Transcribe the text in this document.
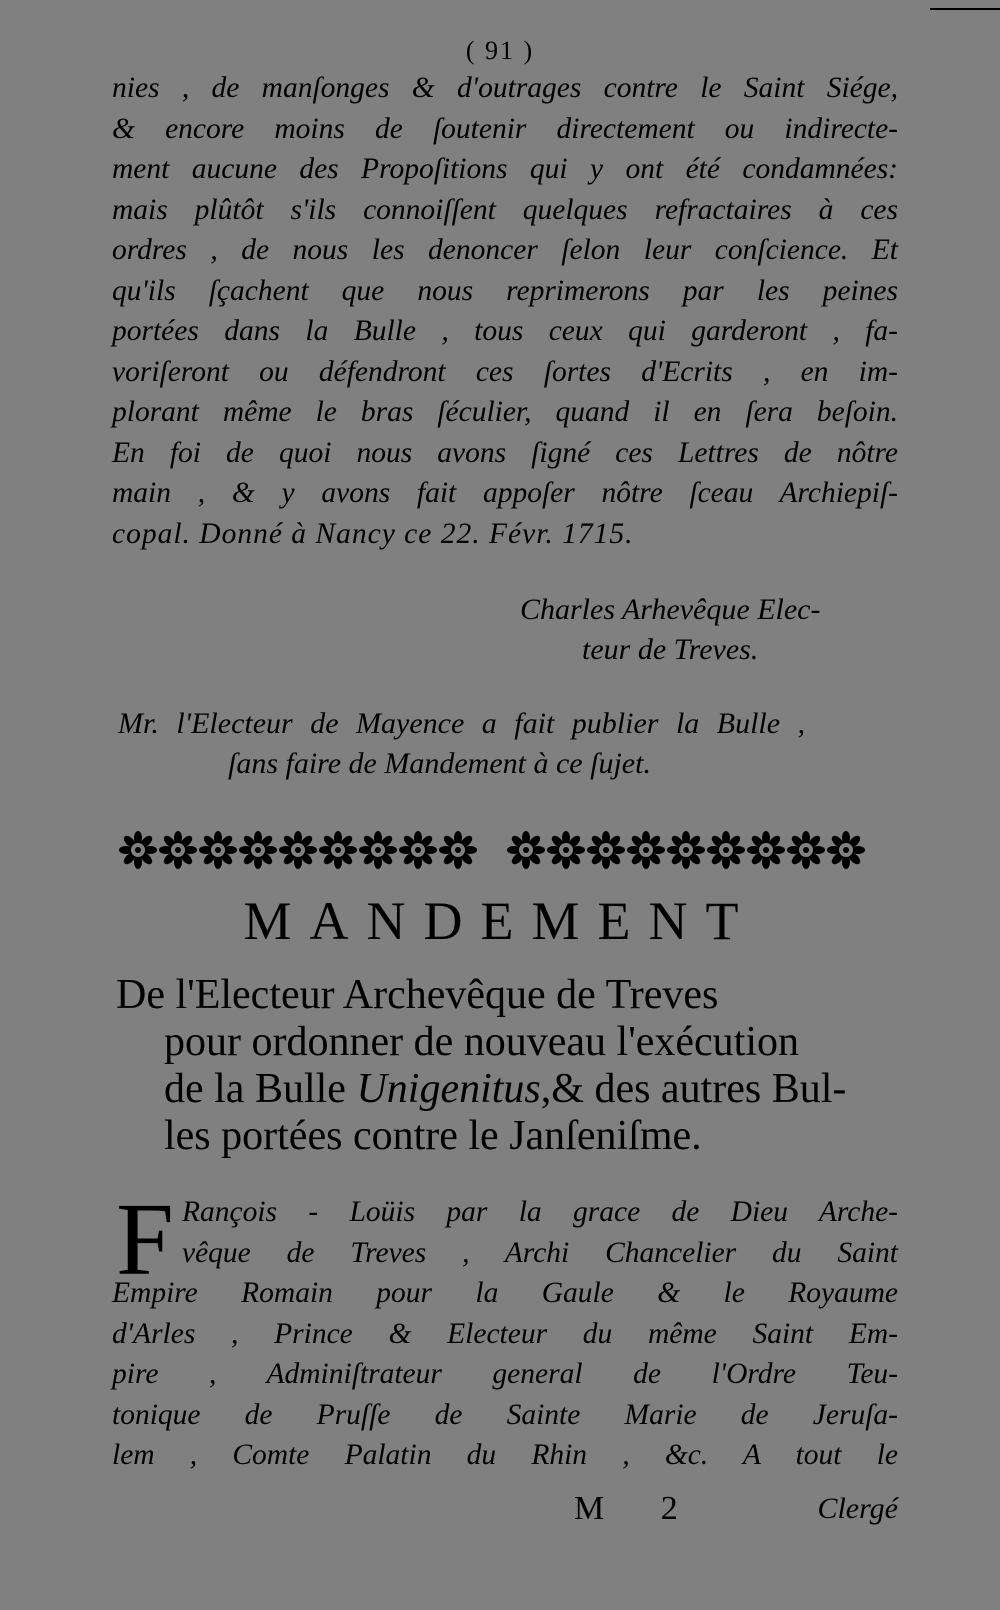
( 91 )
nies , de manſonges & d'outrages contre le Saint Siége,
& encore moins de ſoutenir directement ou indirecte-
ment aucune des Propoſitions qui y ont été condamnées:
mais plûtôt s'ils connoiſſent quelques refractaires à ces
ordres , de nous les denoncer ſelon leur conſcience. Et
qu'ils ſçachent que nous reprimerons par les peines
portées dans la Bulle , tous ceux qui garderont , fa-
voriſeront ou défendront ces ſortes d'Ecrits , en im-
plorant même le bras ſéculier, quand il en ſera beſoin.
En foi de quoi nous avons ſigné ces Lettres de nôtre
main , & y avons fait appoſer nôtre ſceau Archiepiſ-
copal. Donné à Nancy ce 22. Févr. 1715.
Charles Arhevêque Elec-
teur de Treves.
Mr. l'Electeur de Mayence a fait publier la Bulle ,
ſans faire de Mandement à ce ſujet.
MANDEMENT
De l'Electeur Archevêque de Treves
pour ordonner de nouveau l'exécution
de la Bulle Unigenitus,& des autres Bul-
les portées contre le Janſeniſme.
F Rançois - Loüis par la grace de Dieu Arche-
vêque de Treves , Archi Chancelier du Saint
Empire Romain pour la Gaule & le Royaume
d'Arles , Prince & Electeur du même Saint Em-
pire , Adminiſtrateur general de l'Ordre Teu-
tonique de Pruſſe de Sainte Marie de Jeruſa-
lem , Comte Palatin du Rhin , &c. A tout le
M 2	Clergé
